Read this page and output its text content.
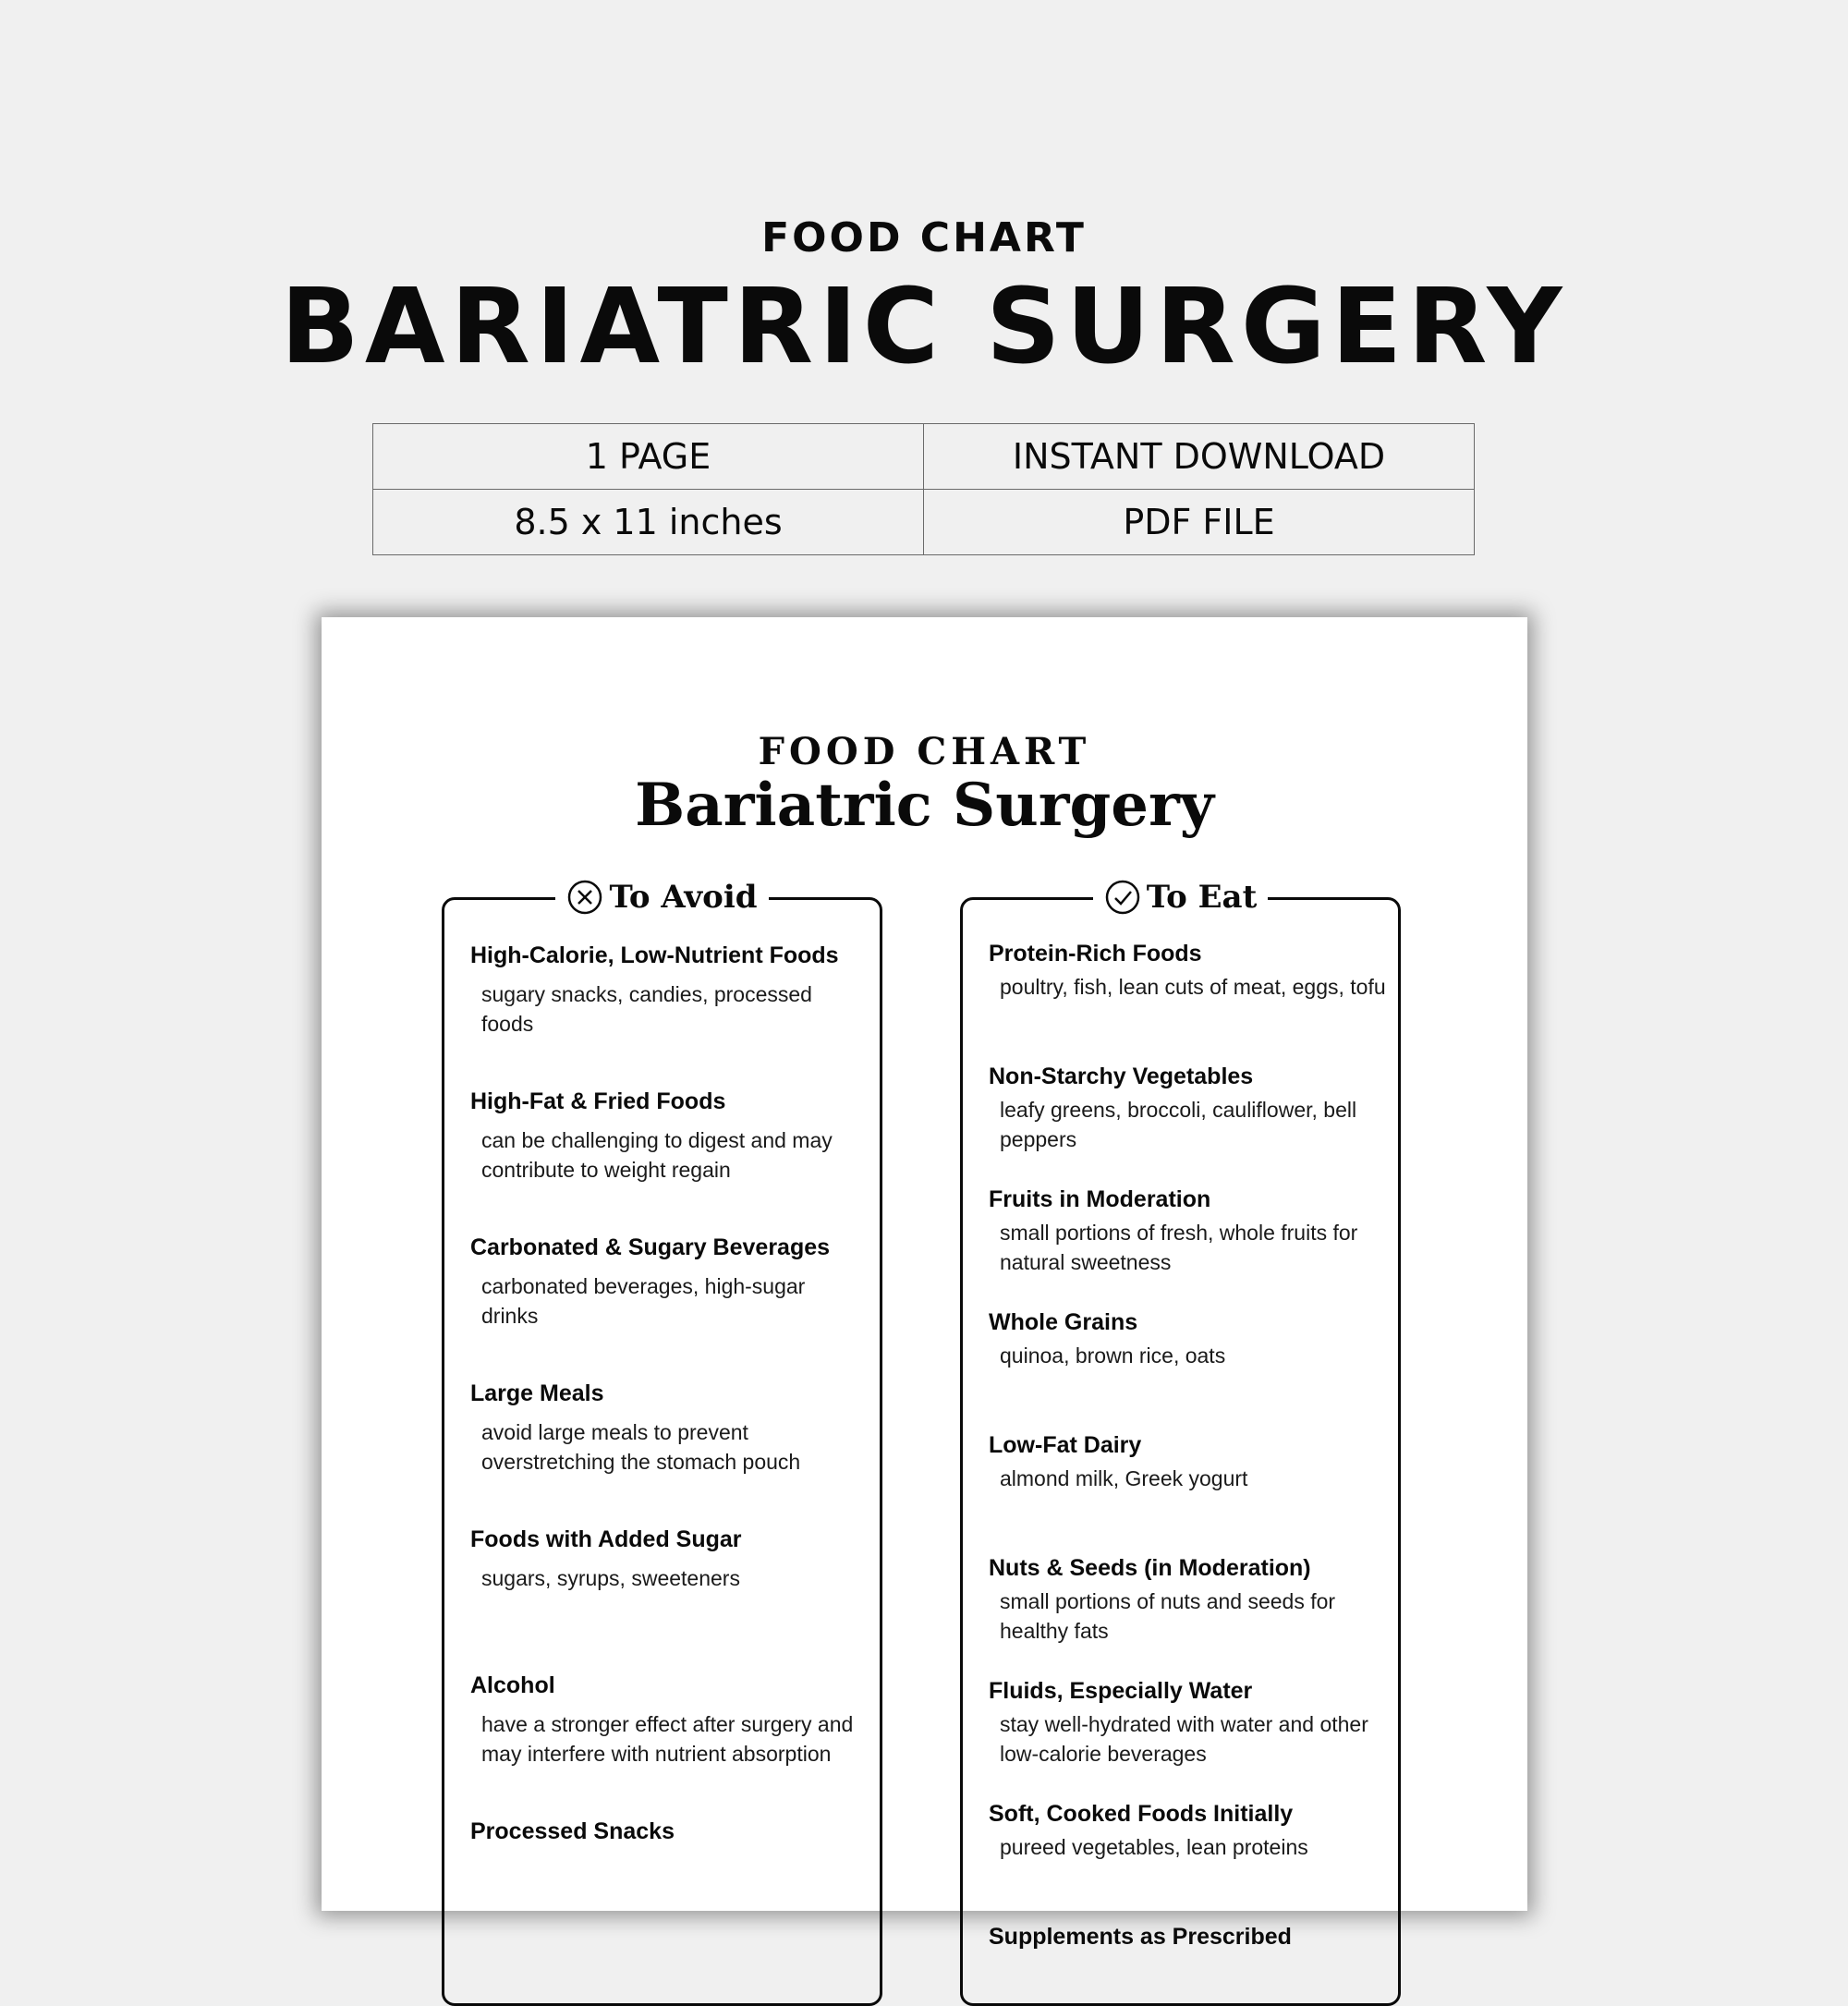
FOOD CHART
BARIATRIC SURGERY
1 PAGE	INSTANT DOWNLOAD
8.5 x 11 inches	PDF FILE
FOOD CHART
Bariatric Surgery
To Avoid
High-Calorie, Low-Nutrient Foods
sugary snacks, candies, processed foods
High-Fat & Fried Foods
can be challenging to digest and may contribute to weight regain
Carbonated & Sugary Beverages
carbonated beverages, high-sugar drinks
Large Meals
avoid large meals to prevent overstretching the stomach pouch
Foods with Added Sugar
sugars, syrups, sweeteners
Alcohol
have a stronger effect after surgery and may interfere with nutrient absorption
Processed Snacks
To Eat
Protein-Rich Foods
poultry, fish, lean cuts of meat, eggs, tofu
Non-Starchy Vegetables
leafy greens, broccoli, cauliflower, bell peppers
Fruits in Moderation
small portions of fresh, whole fruits for natural sweetness
Whole Grains
quinoa, brown rice, oats
Low-Fat Dairy
almond milk, Greek yogurt
Nuts & Seeds (in Moderation)
small portions of nuts and seeds for healthy fats
Fluids, Especially Water
stay well-hydrated with water and other low-calorie beverages
Soft, Cooked Foods Initially
pureed vegetables, lean proteins
Supplements as Prescribed
